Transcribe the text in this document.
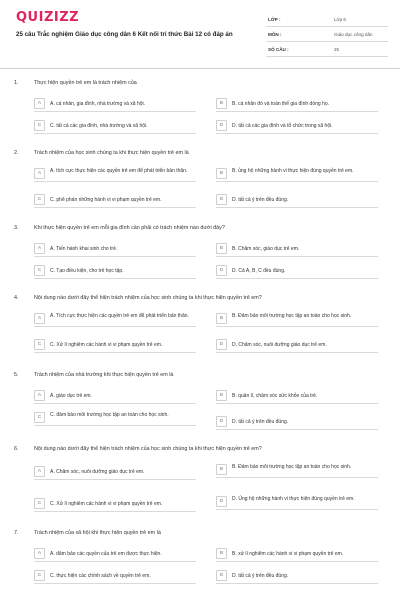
QUIZIZZ
25 câu Trắc nghiệm Giáo dục công dân 6 Kết nối tri thức Bài 12 có đáp án
LỚP :	Lớp 6
MÔN :	Giáo dục công dân
SỐ CÂU :	25
1.	Thực hiện quyền trẻ em là trách nhiệm của
A	A. cá nhân, gia đình, nhà trường và xã hội.	B	B. cá nhân đó và toàn thể gia đình dòng họ.
C	C. tất cả các gia đình, nhà trường và xã hội.	D	D. tất cả các gia đình và tổ chức trong xã hội.
2.	Trách nhiệm của học sinh chúng ta khi thực hiện quyền trẻ em là
A	A. tích cực thực hiện các quyền trẻ em để phát triển bản thân.	B	B. ủng hộ những hành vi thực hiện đúng quyền trẻ em.
C	C. phê phán những hành vi vi phạm quyền trẻ em.	D	D. tất cả ý trên đều đúng.
3.	Khi thực hiện quyền trẻ em mỗi gia đình cần phải có trách nhiệm nào dưới đây?
A	A. Tiến hành khai sinh cho trẻ.	B	B. Chăm sóc, giáo dục trẻ em.
C	C. Tạo điều kiện, cho trẻ học tập.	D	D. Cả A, B, C đều đúng.
4.	Nội dung nào dưới đây thể hiện trách nhiệm của học sinh chúng ta khi thực hiện quyền trẻ em?
A	A. Tích cực thực hiện các quyền trẻ em để phát triển bản thân.	B	B. Đảm bảo môi trường học tập an toàn cho học sinh.
C	C. Xử lí nghiêm các hành vi vi phạm quyền trẻ em.	D	D. Chăm sóc, nuôi dưỡng giáo dục trẻ em.
5.	Trách nhiệm của nhà trường khi thực hiện quyền trẻ em là
A	A. giáo dục trẻ em.	B	B. quản lí, chăm sóc sức khỏe của trẻ.
C	C. đảm bảo môi trường học tập an toàn cho học sinh.
D	D. tất cả ý trên đều đúng.
6.	Nội dung nào dưới đây thể hiện trách nhiệm của học sinh chúng ta khi thực hiện quyền trẻ em?
A	A. Chăm sóc, nuôi dưỡng giáo dục trẻ em.	B	B. Đảm bảo môi trường học tập an toàn cho học sinh.
C	C. Xử lí nghiêm các hành vi vi phạm quyền trẻ em.	D	D. Ủng hộ những hành vi thực hiện đúng quyền trẻ em.
7.	Trách nhiệm của xã hội khi thực hiện quyền trẻ em là
A	A. đảm bảo các quyền của trẻ em được thực hiện.	B	B. xử lí nghiêm các hành vi vi phạm quyền trẻ em.
C	C. thực hiện các chính sách về quyền trẻ em.	D	D. tất cả ý trên đều đúng.
